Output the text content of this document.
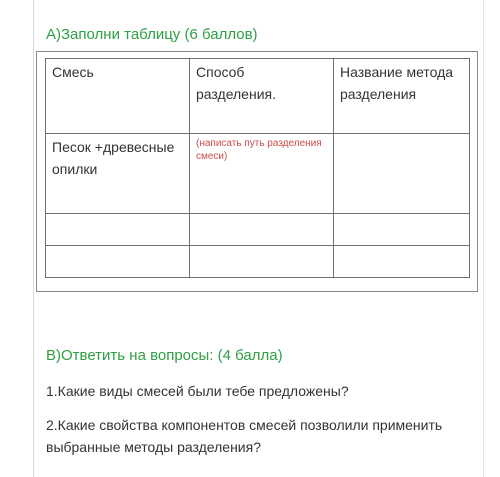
А)Заполни таблицу (6 баллов)
Смесь	Способ разделения.	Название метода разделения
Песок +древесные опилки	(написать путь разделения смеси)	

В)Ответить на вопросы: (4 балла)

1.Какие виды смесей были тебе предложены?

2.Какие свойства компонентов смесей позволили применить выбранные методы разделения?
